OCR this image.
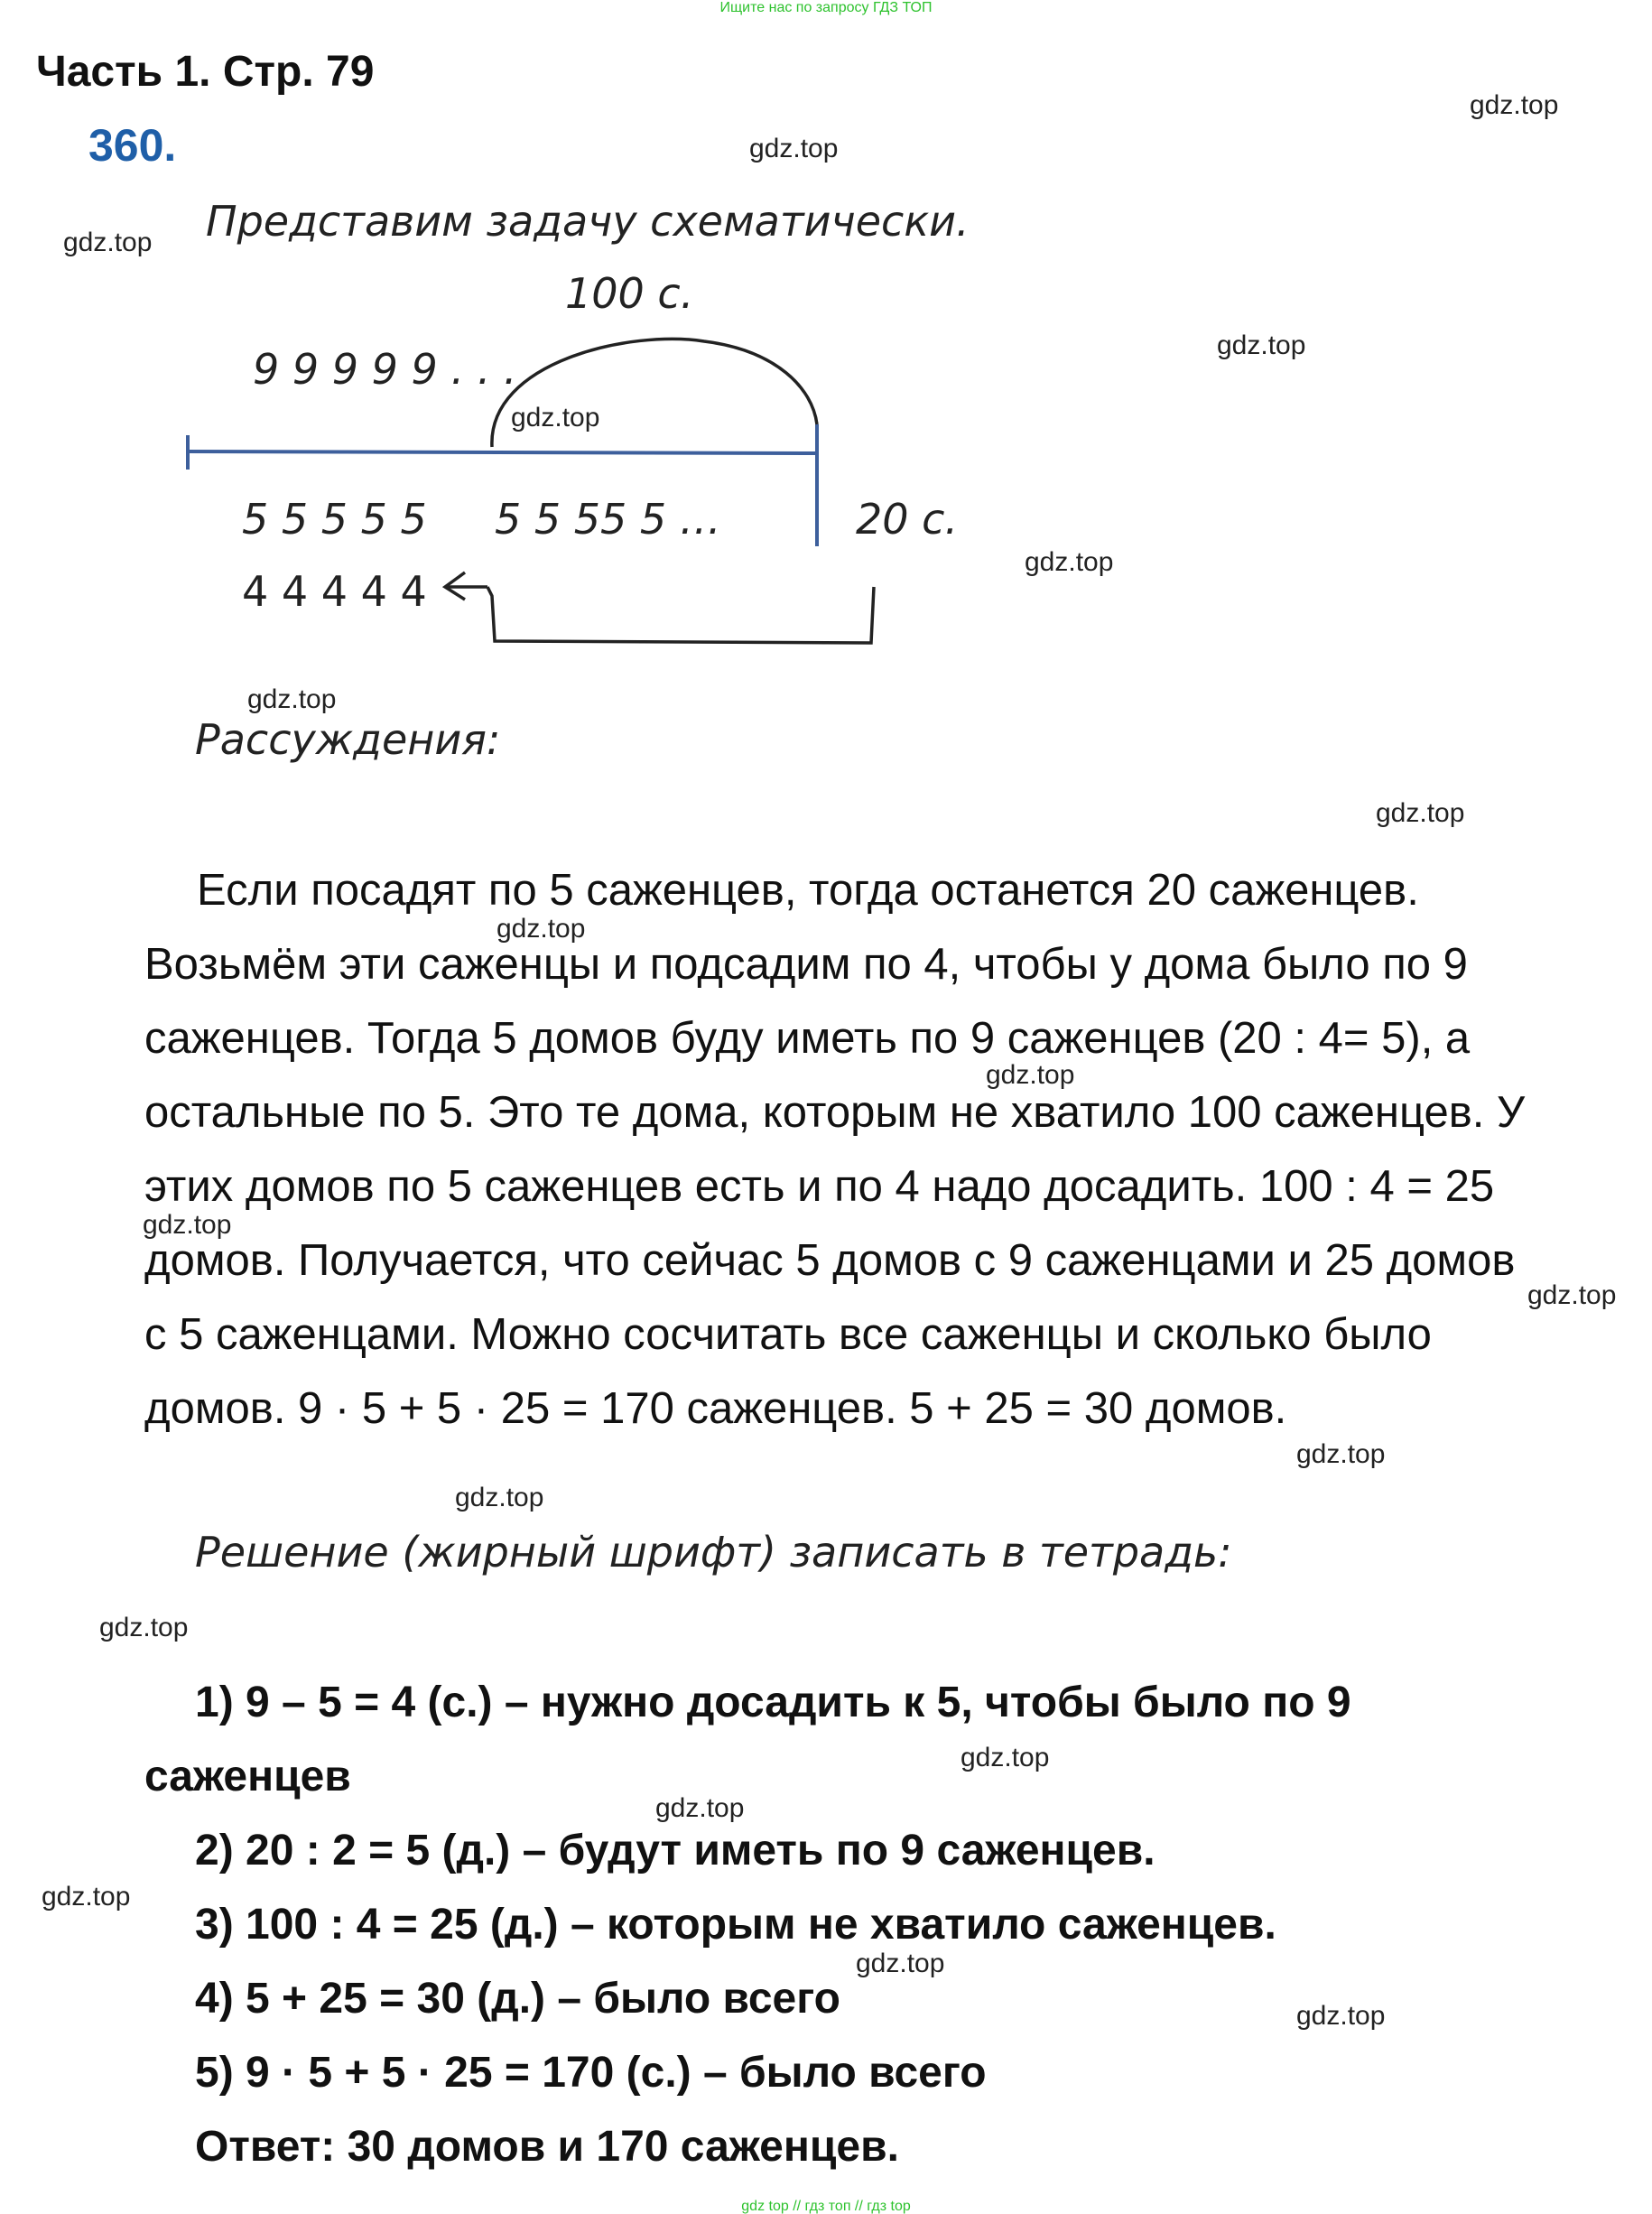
Ищите нас по запросу ГДЗ ТОП
Часть 1. Стр. 79
360.
Представим задачу схематически.
100 с.
9 9 9 9 9 . . .
5 5 5 5 5 5 5 55 5 …	20 с.
4 4 4 4 4
Рассуждения:
Если посадят по 5 саженцев, тогда останется 20 саженцев.
Возьмём эти саженцы и подсадим по 4, чтобы у дома было по 9
саженцев. Тогда 5 домов буду иметь по 9 саженцев (20 : 4= 5), а
остальные по 5. Это те дома, которым не хватило 100 саженцев. У
этих домов по 5 саженцев есть и по 4 надо досадить. 100 : 4 = 25
домов. Получается, что сейчас 5 домов с 9 саженцами и 25 домов
с 5 саженцами. Можно сосчитать все саженцы и сколько было
домов. 9 · 5 + 5 · 25 = 170 саженцев. 5 + 25 = 30 домов.
Решение (жирный шрифт) записать в тетрадь:
1) 9 – 5 = 4 (с.) – нужно досадить к 5, чтобы было по 9
саженцев
2) 20 : 2 = 5 (д.) – будут иметь по 9 саженцев.
3) 100 : 4 = 25 (д.) – которым не хватило саженцев.
4) 5 + 25 = 30 (д.) – было всего
5) 9 · 5 + 5 · 25 = 170 (с.) – было всего
Ответ: 30 домов и 170 саженцев.
gdz.top
gdz.top
gdz.top
gdz.top
gdz.top
gdz.top
gdz.top
gdz.top
gdz.top
gdz.top
gdz.top
gdz.top
gdz.top
gdz.top
gdz.top
gdz.top
gdz.top
gdz.top
gdz.top
gdz.top
gdz top // гдз топ // гдз top
